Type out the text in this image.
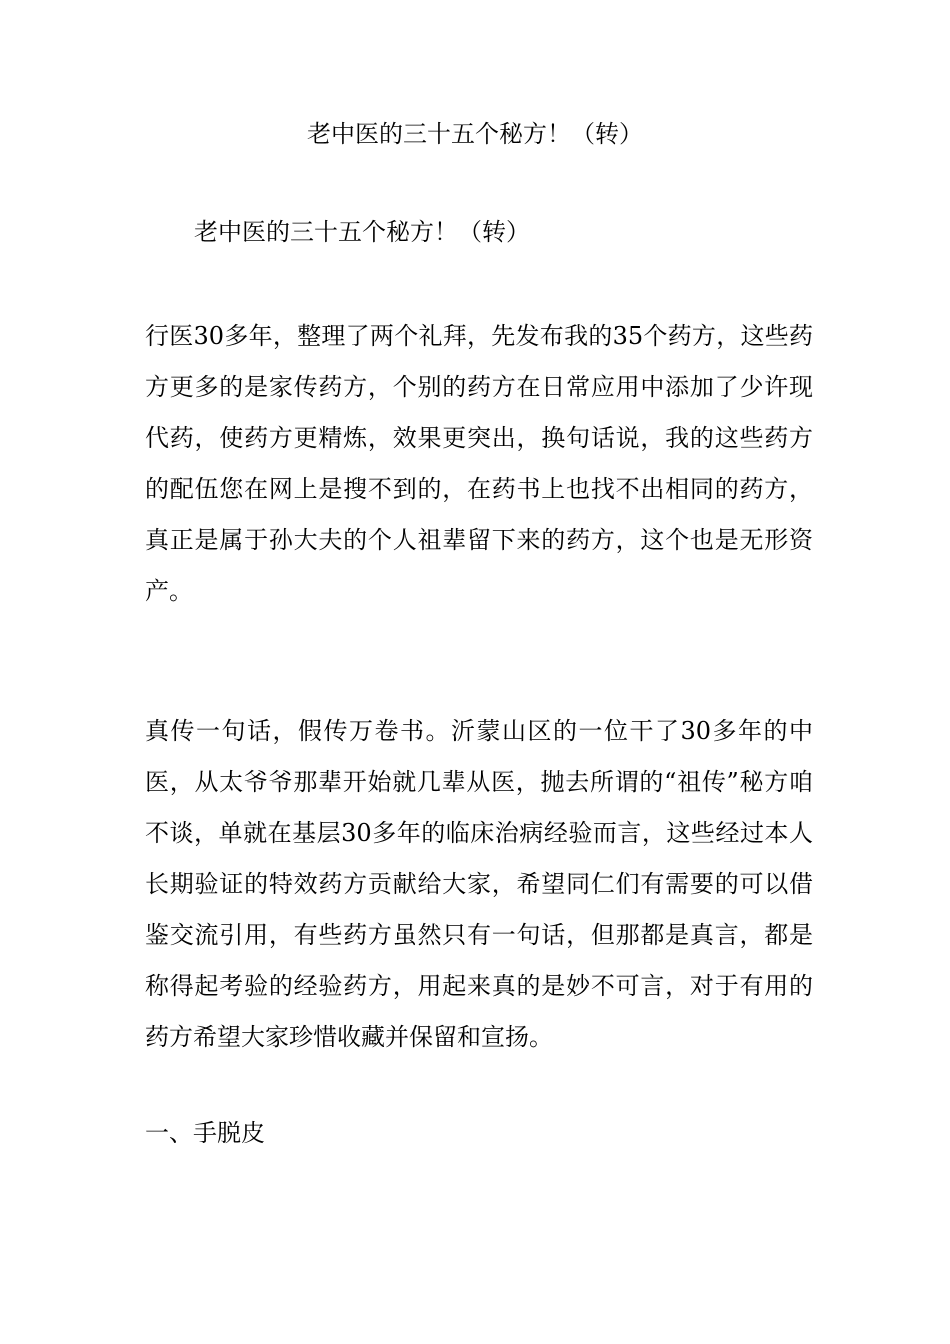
老中医的三十五个秘方！（转）
老中医的三十五个秘方！（转）

行医30多年，整理了两个礼拜，先发布我的35个药方，这些药方更多的是家传药方，个别的药方在日常应用中添加了少许现代药，使药方更精炼，效果更突出，换句话说，我的这些药方的配伍您在网上是搜不到的，在药书上也找不出相同的药方，真正是属于孙大夫的个人祖辈留下来的药方，这个也是无形资产。

真传一句话，假传万卷书。沂蒙山区的一位干了30多年的中医，从太爷爷那辈开始就几辈从医，抛去所谓的“祖传”秘方咱不谈，单就在基层30多年的临床治病经验而言，这些经过本人长期验证的特效药方贡献给大家，希望同仁们有需要的可以借鉴交流引用，有些药方虽然只有一句话，但那都是真言，都是称得起考验的经验药方，用起来真的是妙不可言，对于有用的药方希望大家珍惜收藏并保留和宣扬。

一、手脱皮
